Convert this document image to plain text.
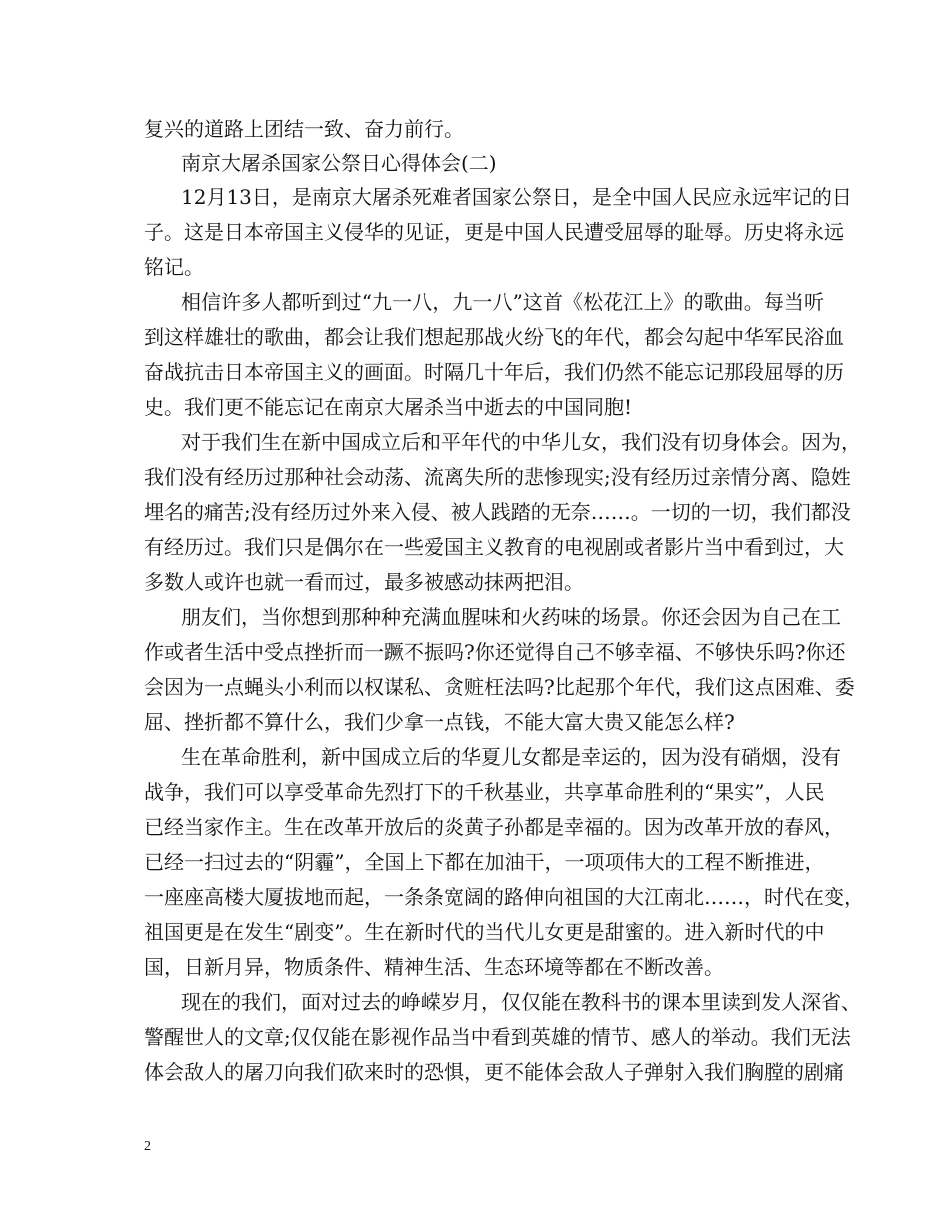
复兴的道路上团结一致、奋力前行。
南京大屠杀国家公祭日心得体会(二)
12月13日，是南京大屠杀死难者国家公祭日，是全中国人民应永远牢记的日
子。这是日本帝国主义侵华的见证，更是中国人民遭受屈辱的耻辱。历史将永远
铭记。
相信许多人都听到过“九一八，九一八”这首《松花江上》的歌曲。每当听
到这样雄壮的歌曲，都会让我们想起那战火纷飞的年代，都会勾起中华军民浴血
奋战抗击日本帝国主义的画面。时隔几十年后，我们仍然不能忘记那段屈辱的历
史。我们更不能忘记在南京大屠杀当中逝去的中国同胞!
对于我们生在新中国成立后和平年代的中华儿女，我们没有切身体会。因为，
我们没有经历过那种社会动荡、流离失所的悲惨现实;没有经历过亲情分离、隐姓
埋名的痛苦;没有经历过外来入侵、被人践踏的无奈……。一切的一切，我们都没
有经历过。我们只是偶尔在一些爱国主义教育的电视剧或者影片当中看到过，大
多数人或许也就一看而过，最多被感动抹两把泪。
朋友们，当你想到那种种充满血腥味和火药味的场景。你还会因为自己在工
作或者生活中受点挫折而一蹶不振吗?你还觉得自己不够幸福、不够快乐吗?你还
会因为一点蝇头小利而以权谋私、贪赃枉法吗?比起那个年代，我们这点困难、委
屈、挫折都不算什么，我们少拿一点钱，不能大富大贵又能怎么样?
生在革命胜利，新中国成立后的华夏儿女都是幸运的，因为没有硝烟，没有
战争，我们可以享受革命先烈打下的千秋基业，共享革命胜利的“果实”，人民
已经当家作主。生在改革开放后的炎黄子孙都是幸福的。因为改革开放的春风，
已经一扫过去的“阴霾”，全国上下都在加油干，一项项伟大的工程不断推进，
一座座高楼大厦拔地而起，一条条宽阔的路伸向祖国的大江南北……，时代在变，
祖国更是在发生“剧变”。生在新时代的当代儿女更是甜蜜的。进入新时代的中
国，日新月异，物质条件、精神生活、生态环境等都在不断改善。
现在的我们，面对过去的峥嵘岁月，仅仅能在教科书的课本里读到发人深省、
警醒世人的文章;仅仅能在影视作品当中看到英雄的情节、感人的举动。我们无法
体会敌人的屠刀向我们砍来时的恐惧，更不能体会敌人子弹射入我们胸膛的剧痛
2
